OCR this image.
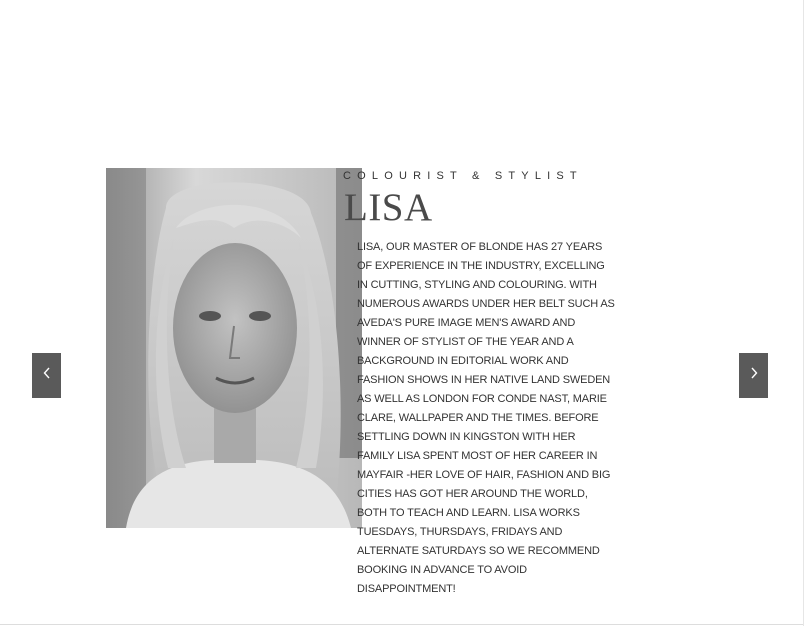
COLOURIST & STYLIST
LISA
LISA, OUR MASTER OF BLONDE HAS 27 YEARS OF EXPERIENCE IN THE INDUSTRY, EXCELLING IN CUTTING, STYLING AND COLOURING. WITH NUMEROUS AWARDS UNDER HER BELT SUCH AS AVEDA'S PURE IMAGE MEN'S AWARD AND WINNER OF STYLIST OF THE YEAR AND A BACKGROUND IN EDITORIAL WORK AND FASHION SHOWS IN HER NATIVE LAND SWEDEN AS WELL AS LONDON FOR CONDE NAST, MARIE CLARE, WALLPAPER AND THE TIMES. BEFORE SETTLING DOWN IN KINGSTON WITH HER FAMILY LISA SPENT MOST OF HER CAREER IN MAYFAIR -HER LOVE OF HAIR, FASHION AND BIG CITIES HAS GOT HER AROUND THE WORLD, BOTH TO TEACH AND LEARN. LISA WORKS TUESDAYS, THURSDAYS, FRIDAYS AND ALTERNATE SATURDAYS SO WE RECOMMEND BOOKING IN ADVANCE TO AVOID DISAPPOINTMENT!
